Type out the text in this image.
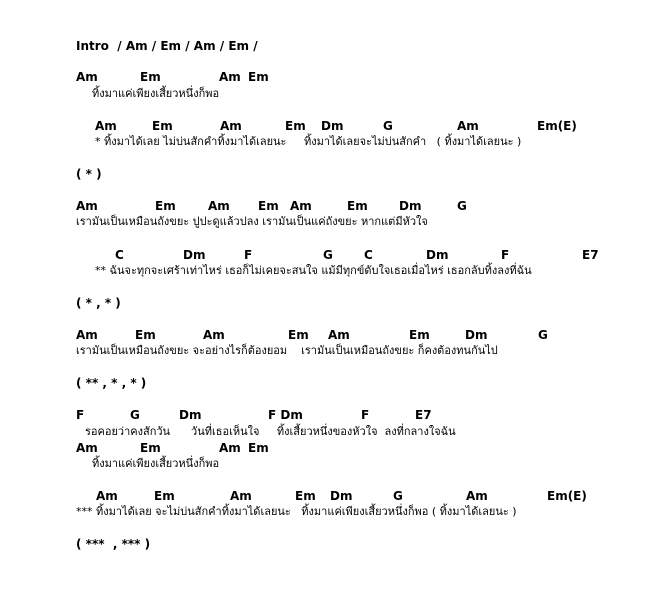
Intro  / Am / Em / Am / Em /
Am	Em	Am Em
ทิ้งมาแค่เพียงเสี้ยวหนึ่งก็พอ
Am	Em	Am	Em Dm	G	Am	Em(E)
* ทิ้งมาได้เลย ไม่บ่นสักคำทิ้งมาได้เลยนะ     ทิ้งมาได้เลยจะไม่บ่นสักคำ   ( ทิ้งมาได้เลยนะ )
( * )
Am	Em	Am Em Am	Em	Dm	G
เรามันเป็นเหมือนถังขยะ ปูปะดูแล้วปลง เรามันเป็นแค่ถังขยะ หากแต่มีหัวใจ
C	Dm	F	G	C	Dm	F	E7
** ฉันจะทุกจะเศร้าเท่าไหร่ เธอก็ไม่เคยจะสนใจ แม้มีทุกข์ดับใจเธอเมื่อไหร่ เธอกลับทิ้งลงที่ฉัน
( * , * )
Am	Em	Am	Em Am	Em	Dm	G
เรามันเป็นเหมือนถังขยะ จะอย่างไรก็ต้องยอม    เรามันเป็นเหมือนถังขยะ ก็คงต้องทนกันไป
( ** , * , * )
F	G	Dm	F Dm	F	E7
รอคอยว่าคงสักวัน      วันที่เธอเห็นใจ     ทิ้งเสี้ยวหนึ่งของหัวใจ  ลงที่กลางใจฉัน
Am	Em	Am Em
ทิ้งมาแค่เพียงเสี้ยวหนึ่งก็พอ
Am	Em	Am	Em Dm	G	Am	Em(E)
*** ทิ้งมาได้เลย จะไม่บ่นสักคำทิ้งมาได้เลยนะ   ทิ้งมาแค่เพียงเสี้ยวหนึ่งก็พอ ( ทิ้งมาได้เลยนะ )
( ***  , *** )
